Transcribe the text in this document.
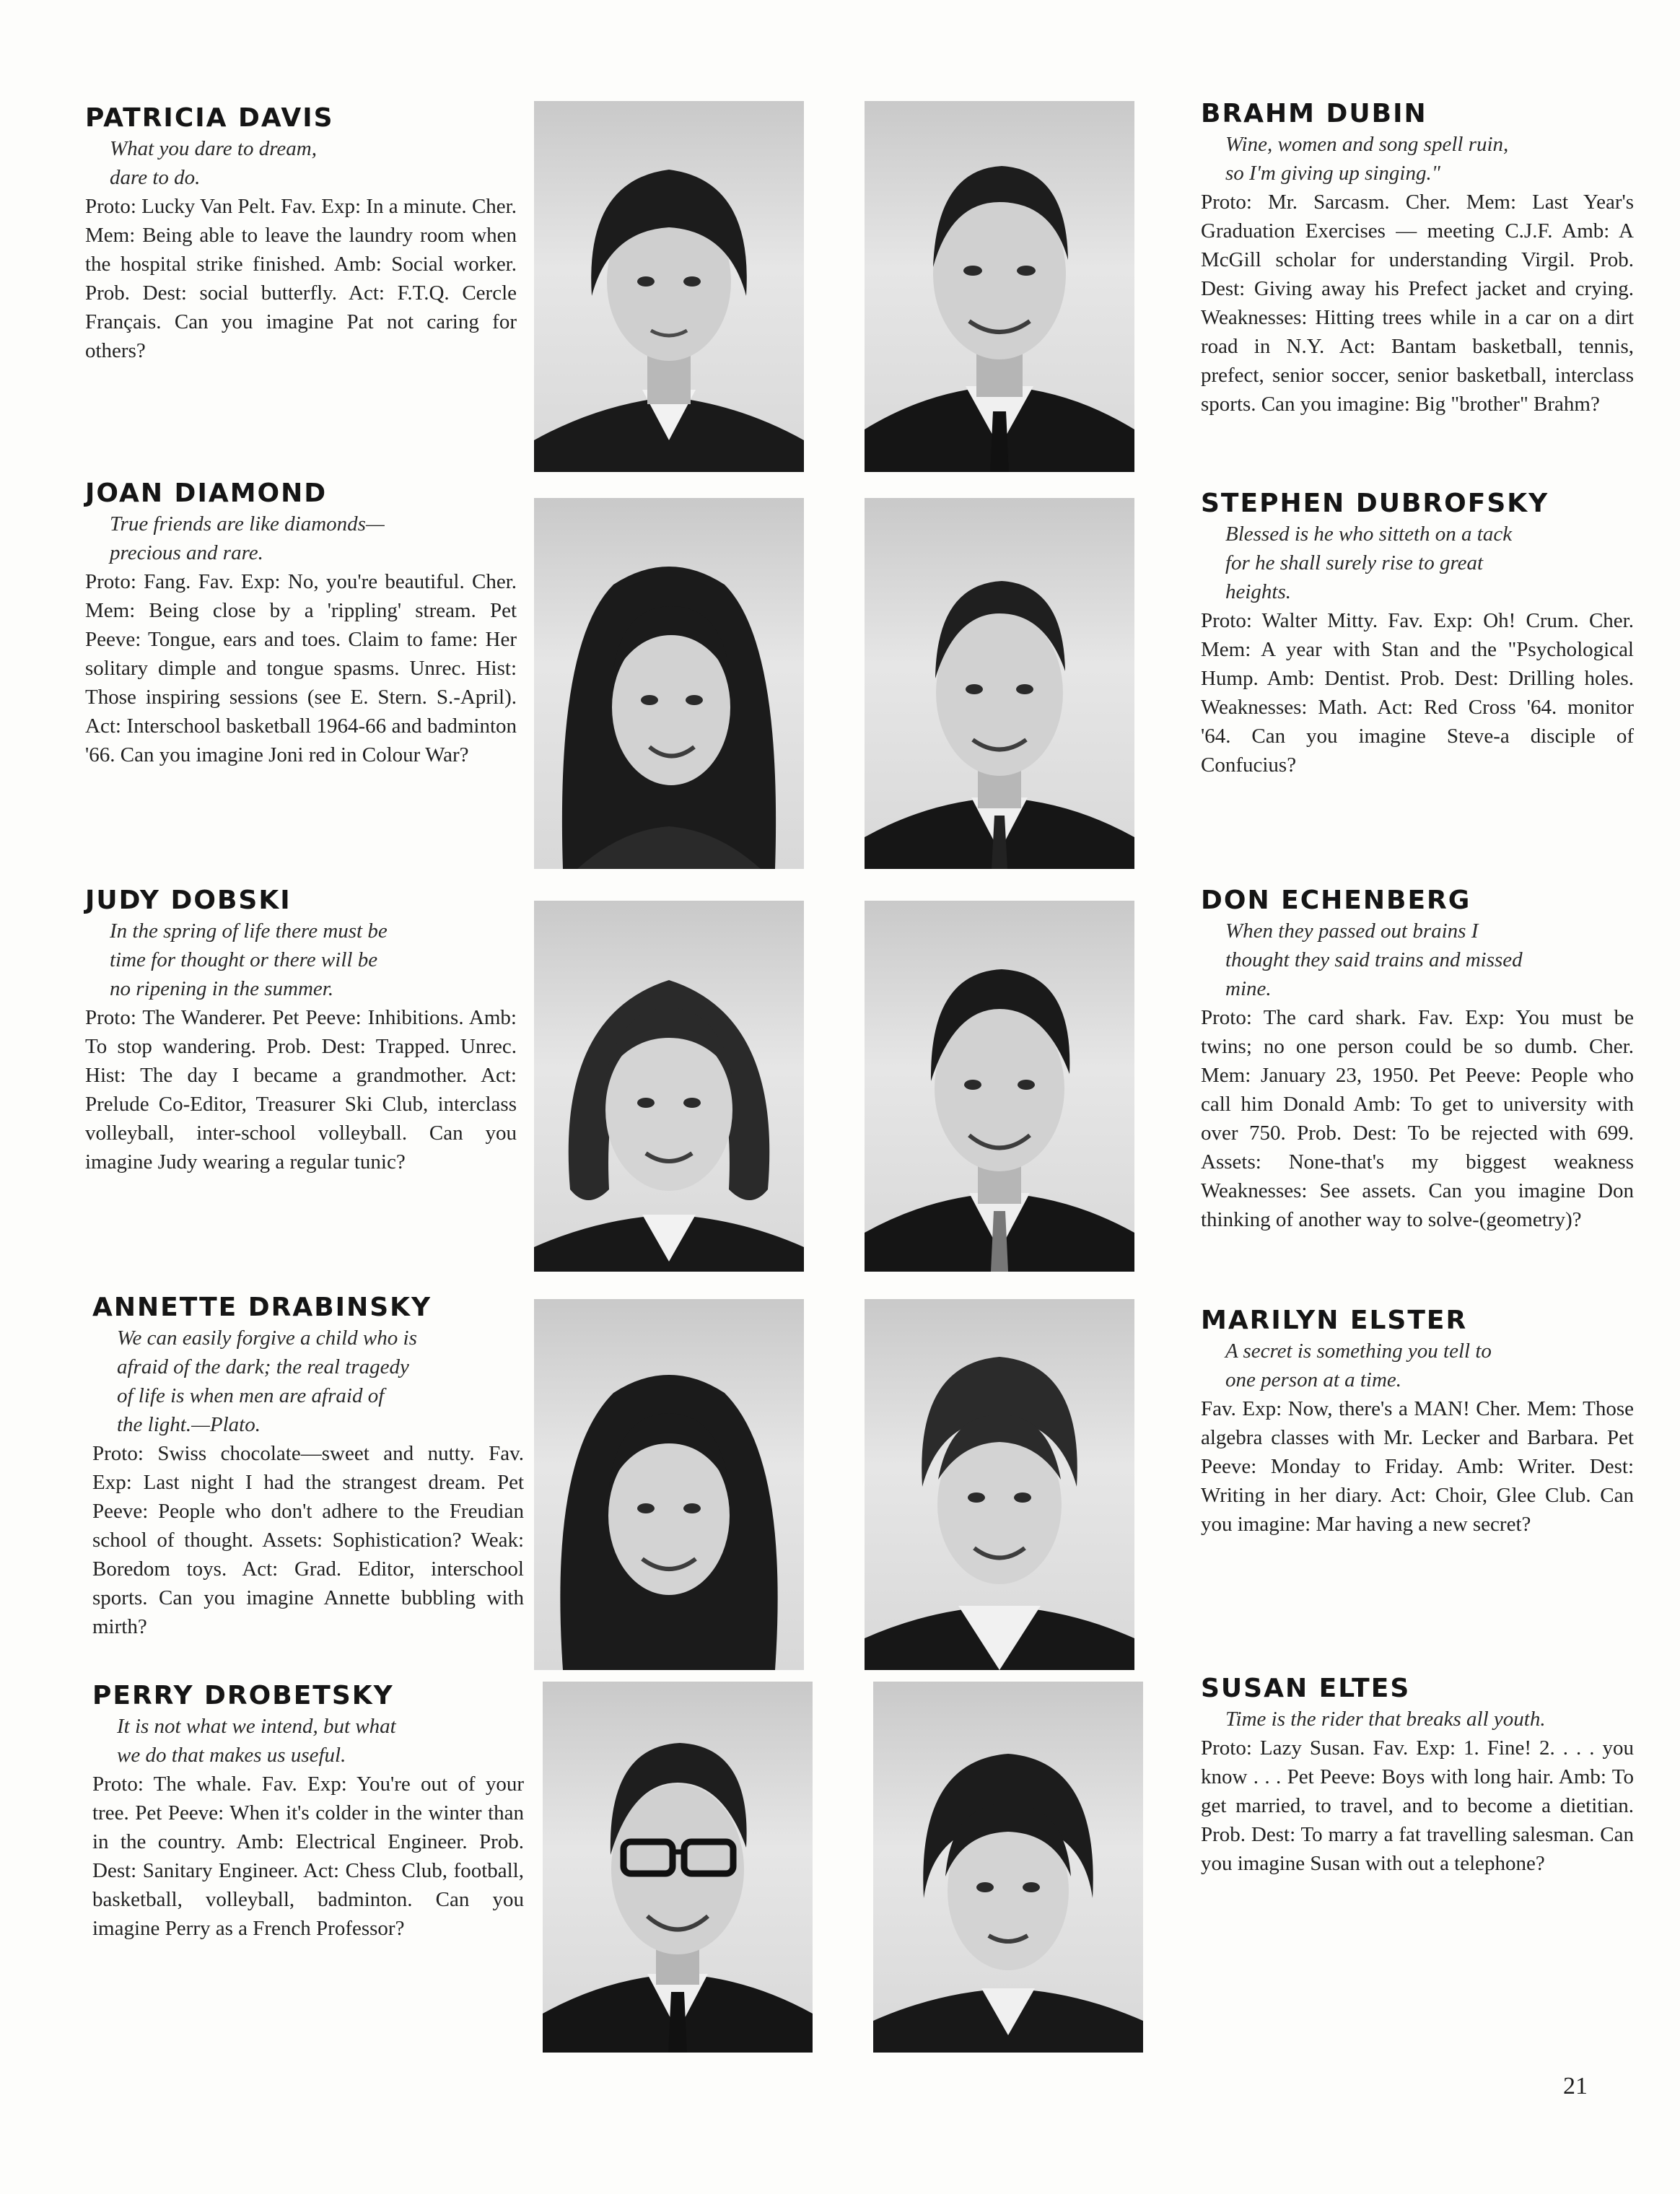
PATRICIA DAVIS

What you dare to dream,
dare to do.

Proto: Lucky Van Pelt. Fav. Exp: In a minute. Cher. Mem: Being able to leave the laundry room when the hospital strike finished. Amb: Social worker. Prob. Dest: social butterfly. Act: F.T.Q. Cercle Français. Can you imagine Pat not caring for others?

JOAN DIAMOND

True friends are like diamonds—
precious and rare.

Proto: Fang. Fav. Exp: No, you're beautiful. Cher. Mem: Being close by a 'rippling' stream. Pet Peeve: Tongue, ears and toes. Claim to fame: Her solitary dimple and tongue spasms. Unrec. Hist: Those inspiring sessions (see E. Stern. S.-April). Act: Interschool basketball 1964-66 and badminton '66. Can you imagine Joni red in Colour War?

JUDY DOBSKI

In the spring of life there must be
time for thought or there will be
no ripening in the summer.

Proto: The Wanderer. Pet Peeve: Inhibitions. Amb: To stop wandering. Prob. Dest: Trapped. Unrec. Hist: The day I became a grandmother. Act: Prelude Co-Editor, Treasurer Ski Club, interclass volleyball, inter-school volleyball. Can you imagine Judy wearing a regular tunic?

ANNETTE DRABINSKY

We can easily forgive a child who is
afraid of the dark; the real tragedy
of life is when men are afraid of
the light.—Plato.

Proto: Swiss chocolate—sweet and nutty. Fav. Exp: Last night I had the strangest dream. Pet Peeve: People who don't adhere to the Freudian school of thought. Assets: Sophistication? Weak: Boredom toys. Act: Grad. Editor, interschool sports. Can you imagine Annette bubbling with mirth?

PERRY DROBETSKY

It is not what we intend, but what
we do that makes us useful.

Proto: The whale. Fav. Exp: You're out of your tree. Pet Peeve: When it's colder in the winter than in the country. Amb: Electrical Engineer. Prob. Dest: Sanitary Engineer. Act: Chess Club, football, basketball, volleyball, badminton. Can you imagine Perry as a French Professor?

BRAHM DUBIN

Wine, women and song spell ruin,
so I'm giving up singing."

Proto: Mr. Sarcasm. Cher. Mem: Last Year's Graduation Exercises — meeting C.J.F. Amb: A McGill scholar for understanding Virgil. Prob. Dest: Giving away his Prefect jacket and crying. Weaknesses: Hitting trees while in a car on a dirt road in N.Y. Act: Bantam basketball, tennis, prefect, senior soccer, senior basketball, interclass sports. Can you imagine: Big "brother" Brahm?

STEPHEN DUBROFSKY

Blessed is he who sitteth on a tack
for he shall surely rise to great
heights.

Proto: Walter Mitty. Fav. Exp: Oh! Crum. Cher. Mem: A year with Stan and the "Psychological Hump. Amb: Dentist. Prob. Dest: Drilling holes. Weaknesses: Math. Act: Red Cross '64. monitor '64. Can you imagine Steve-a disciple of Confucius?

DON ECHENBERG

When they passed out brains I
thought they said trains and missed
mine.

Proto: The card shark. Fav. Exp: You must be twins; no one person could be so dumb. Cher. Mem: January 23, 1950. Pet Peeve: People who call him Donald Amb: To get to university with over 750. Prob. Dest: To be rejected with 699. Assets: None-that's my biggest weakness Weaknesses: See assets. Can you imagine Don thinking of another way to solve-(geometry)?

MARILYN ELSTER

A secret is something you tell to
one person at a time.

Fav. Exp: Now, there's a MAN! Cher. Mem: Those algebra classes with Mr. Lecker and Barbara. Pet Peeve: Monday to Friday. Amb: Writer. Dest: Writing in her diary. Act: Choir, Glee Club. Can you imagine: Mar having a new secret?

SUSAN ELTES

Time is the rider that breaks all youth.

Proto: Lazy Susan. Fav. Exp: 1. Fine! 2. . . . you know . . . Pet Peeve: Boys with long hair. Amb: To get married, to travel, and to become a dietitian. Prob. Dest: To marry a fat travelling salesman. Can you imagine Susan with out a telephone?

21
